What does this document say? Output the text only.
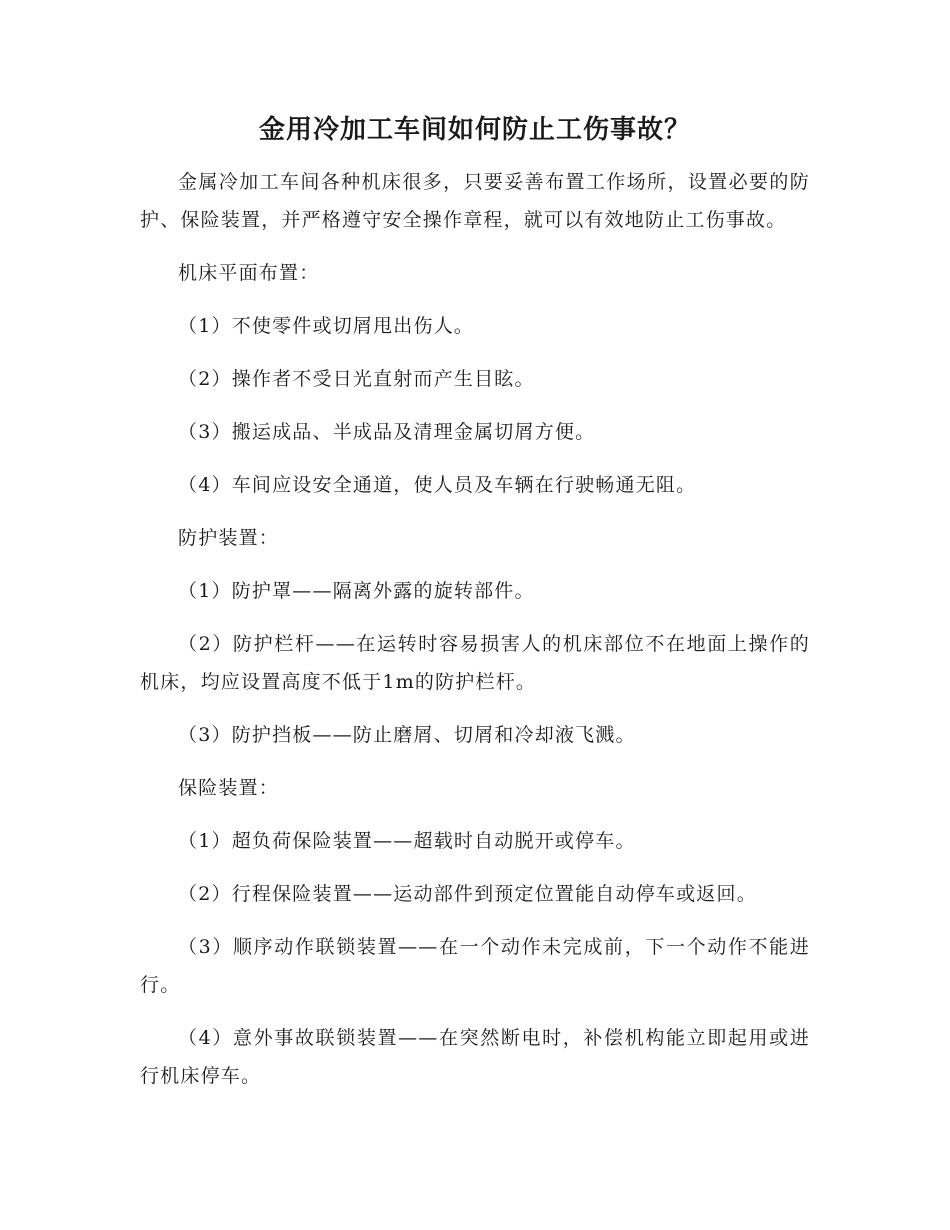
金用冷加工车间如何防止工伤事故？

金属冷加工车间各种机床很多，只要妥善布置工作场所，设置必要的防护、保险装置，并严格遵守安全操作章程，就可以有效地防止工伤事故。

机床平面布置：

（1）不使零件或切屑甩出伤人。

（2）操作者不受日光直射而产生目眩。

（3）搬运成品、半成品及清理金属切屑方便。

（4）车间应设安全通道，使人员及车辆在行驶畅通无阻。

防护装置：

（1）防护罩——隔离外露的旋转部件。

（2）防护栏杆——在运转时容易损害人的机床部位不在地面上操作的机床，均应设置高度不低于1m的防护栏杆。

（3）防护挡板——防止磨屑、切屑和冷却液飞溅。

保险装置：

（1）超负荷保险装置——超载时自动脱开或停车。

（2）行程保险装置——运动部件到预定位置能自动停车或返回。

（3）顺序动作联锁装置——在一个动作未完成前，下一个动作不能进行。

（4）意外事故联锁装置——在突然断电时，补偿机构能立即起用或进行机床停车。
